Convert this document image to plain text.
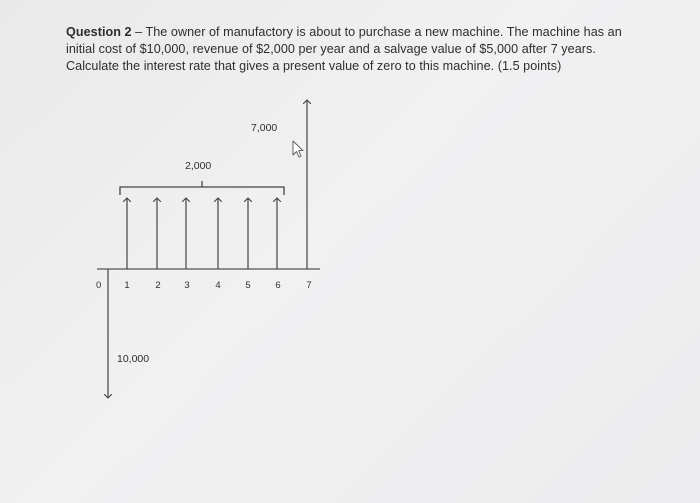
Question 2 – The owner of manufactory is about to purchase a new machine. The machine has an initial cost of $10,000, revenue of $2,000 per year and a salvage value of $5,000 after 7 years. Calculate the interest rate that gives a present value of zero to this machine. (1.5 points)
2,000
7,000
10,000
0 1	2 3	4	5	6	7
